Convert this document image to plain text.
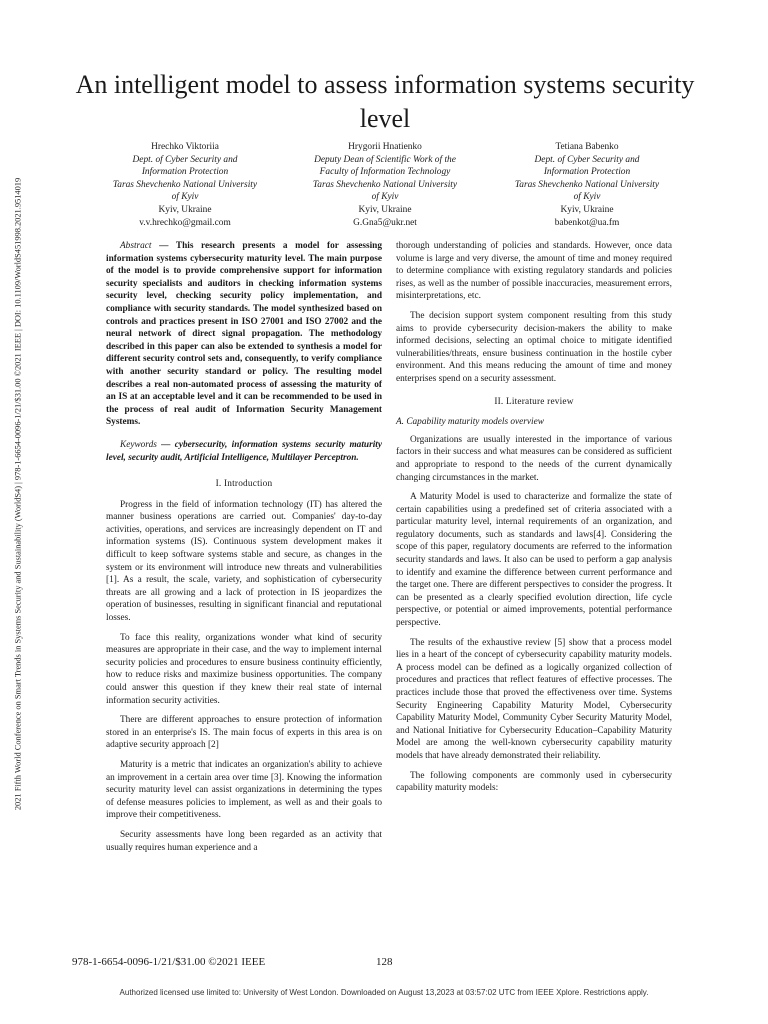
2021 Fifth World Conference on Smart Trends in Systems Security and Sustainability (WorldS4) | 978-1-6654-0096-1/21/$31.00 ©2021 IEEE | DOI: 10.1109/WorldS451998.2021.9514019
An intelligent model to assess information systems security level
Hrechko Viktoriia
Dept. of Cyber Security and
Information Protection
Taras Shevchenko National University
of Kyiv
Kyiv, Ukraine
v.v.hrechko@gmail.com
Hrygorii Hnatienko
Deputy Dean of Scientific Work of the
Faculty of Information Technology
Taras Shevchenko National University
of Kyiv
Kyiv, Ukraine
G.Gna5@ukr.net
Tetiana Babenko
Dept. of Cyber Security and
Information Protection
Taras Shevchenko National University
of Kyiv
Kyiv, Ukraine
babenkot@ua.fm
Abstract — This research presents a model for assessing information systems cybersecurity maturity level. The main purpose of the model is to provide comprehensive support for information security specialists and auditors in checking information systems security level, checking security policy implementation, and compliance with security standards. The model synthesized based on controls and practices present in ISO 27001 and ISO 27002 and the neural network of direct signal propagation. The methodology described in this paper can also be extended to synthesis a model for different security control sets and, consequently, to verify compliance with another security standard or policy. The resulting model describes a real non-automated process of assessing the maturity of an IS at an acceptable level and it can be recommended to be used in the process of real audit of Information Security Management Systems.
Keywords — cybersecurity, information systems security maturity level, security audit, Artificial Intelligence, Multilayer Perceptron.
I. Introduction

Progress in the field of information technology (IT) has altered the manner business operations are carried out. Companies' day-to-day activities, operations, and services are increasingly dependent on IT and information systems (IS). Continuous system development makes it difficult to keep software systems stable and secure, as changes in the system or its environment will introduce new threats and vulnerabilities [1]. As a result, the scale, variety, and sophistication of cybersecurity threats are all growing and a lack of protection in IS jeopardizes the operation of businesses, resulting in significant financial and reputational losses.

To face this reality, organizations wonder what kind of security measures are appropriate in their case, and the way to implement internal security policies and procedures to ensure business continuity efficiently, how to reduce risks and maximize business opportunities. The company could answer this question if they knew their real state of internal information security activities.

There are different approaches to ensure protection of information stored in an enterprise's IS. The main focus of experts in this area is on adaptive security approach [2]

Maturity is a metric that indicates an organization's ability to achieve an improvement in a certain area over time [3]. Knowing the information security maturity level can assist organizations in determining the types of defense measures policies to implement, as well as and their goals to improve their competitiveness.

Security assessments have long been regarded as an activity that usually requires human experience and a

thorough understanding of policies and standards. However, once data volume is large and very diverse, the amount of time and money required to determine compliance with existing regulatory standards and policies rises, as well as the number of possible inaccuracies, measurement errors, misinterpretations, etc.

The decision support system component resulting from this study aims to provide cybersecurity decision-makers the ability to make informed decisions, selecting an optimal choice to mitigate identified vulnerabilities/threats, ensure business continuation in the hostile cyber environment. And this means reducing the amount of time and money enterprises spend on a security assessment.

II. Literature review
A. Capability maturity models overview

Organizations are usually interested in the importance of various factors in their success and what measures can be considered as sufficient and appropriate to respond to the needs of the current dynamically changing circumstances in the market.

A Maturity Model is used to characterize and formalize the state of certain capabilities using a predefined set of criteria associated with a particular maturity level, internal requirements of an organization, and regulatory documents, such as standards and laws[4]. Considering the scope of this paper, regulatory documents are referred to the information security standards and laws. It also can be used to perform a gap analysis to identify and examine the difference between current performance and the target one. There are different perspectives to consider the progress. It can be presented as a clearly specified evolution direction, life cycle perspective, or potential or aimed improvements, potential performance perspective.

The results of the exhaustive review [5] show that a process model lies in a heart of the concept of cybersecurity capability maturity models. A process model can be defined as a logically organized collection of procedures and practices that reflect features of effective processes. The practices include those that proved the effectiveness over time. Systems Security Engineering Capability Maturity Model, Cybersecurity Capability Maturity Model, Community Cyber Security Maturity Model, and National Initiative for Cybersecurity Education–Capability Maturity Model are among the well-known cybersecurity capability maturity models that have already demonstrated their reliability.

The following components are commonly used in cybersecurity capability maturity models:

978-1-6654-0096-1/21/$31.00 ©2021 IEEE	128
Authorized licensed use limited to: University of West London. Downloaded on August 13,2023 at 03:57:02 UTC from IEEE Xplore. Restrictions apply.
